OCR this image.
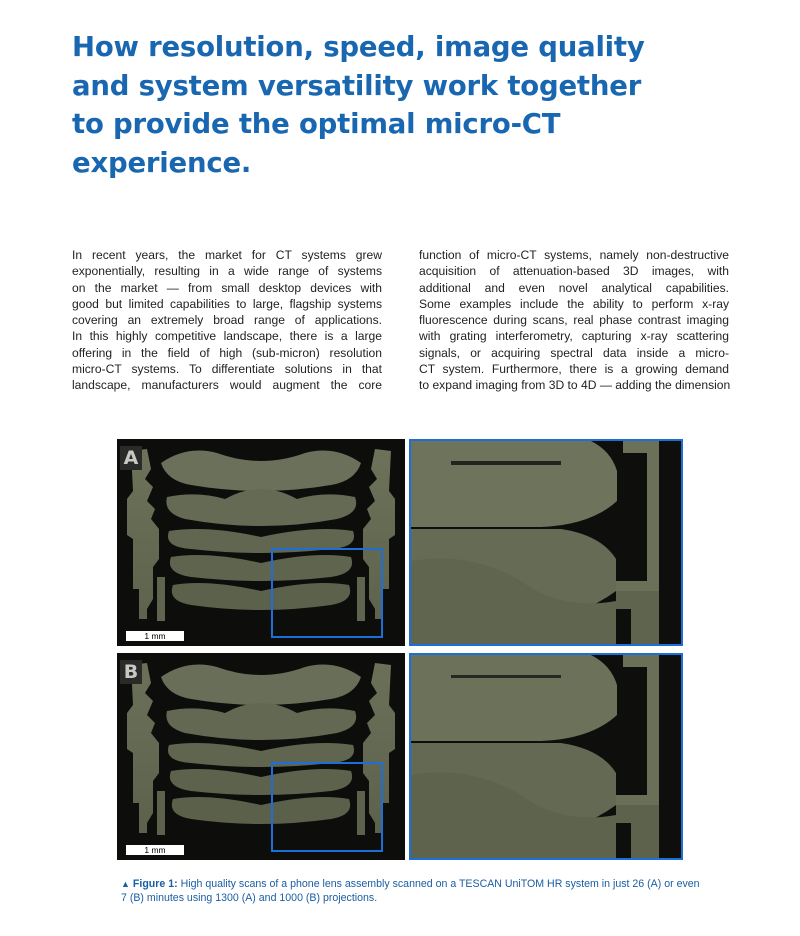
How resolution, speed, image quality
and system versatility work together
to provide the optimal micro-CT
experience.
In recent years, the market for CT systems grew
exponentially, resulting in a wide range of systems
on the market — from small desktop devices with
good but limited capabilities to large, flagship systems
covering an extremely broad range of applications.
In this highly competitive landscape, there is a large
offering in the field of high (sub-micron) resolution
micro-CT systems. To differentiate solutions in that
landscape, manufacturers would augment the core
function of micro-CT systems, namely non-destructive
acquisition of attenuation-based 3D images, with
additional and even novel analytical capabilities.
Some examples include the ability to perform x-ray
fluorescence during scans, real phase contrast imaging
with grating interferometry, capturing x-ray scattering
signals, or acquiring spectral data inside a micro-
CT system. Furthermore, there is a growing demand
to expand imaging from 3D to 4D — adding the dimension
A
1 mm
B
1 mm
▲ Figure 1: High quality scans of a phone lens assembly scanned on a TESCAN UniTOM HR system in just 26 (A) or even 7 (B) minutes using 1300 (A) and 1000 (B) projections.
